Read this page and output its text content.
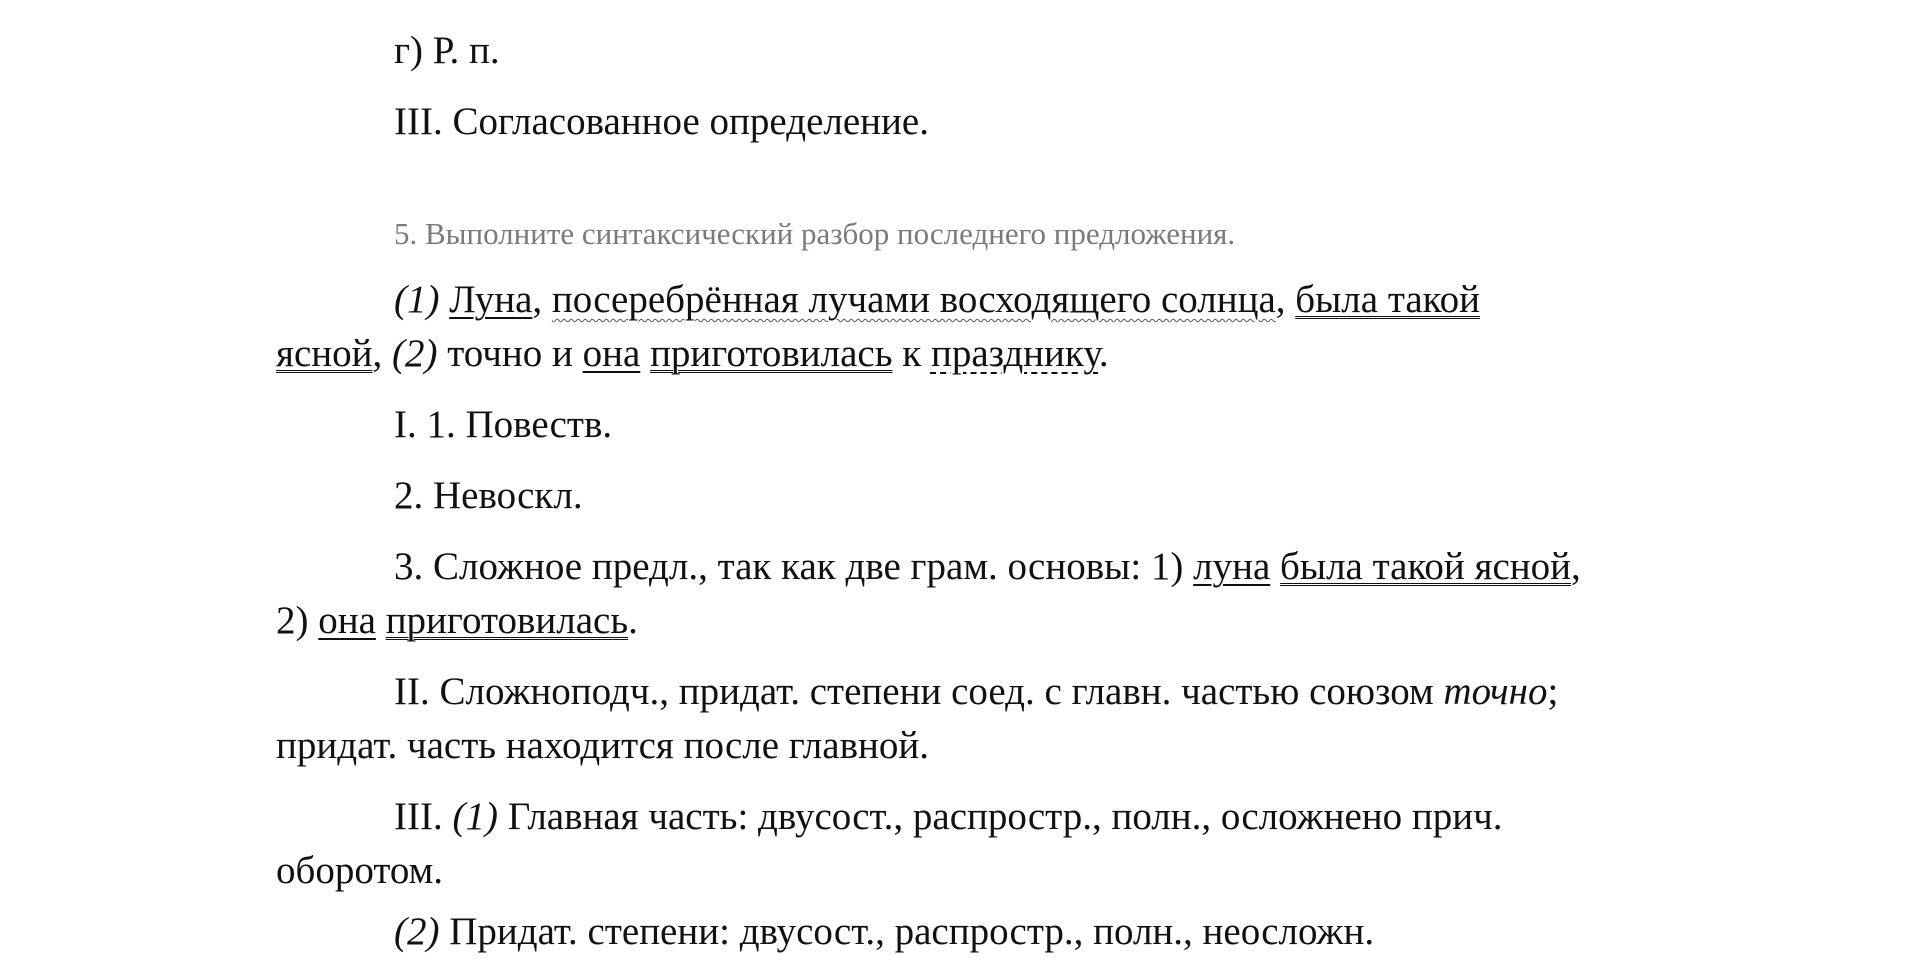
г) Р. п.
III. Согласованное определение.
5. Выполните синтаксический разбор последнего предложения.
(1) Луна, посеребрённая лучами восходящего солнца, была такой
ясной, (2) точно и она приготовилась к празднику.
I. 1. Повеств.
2. Невоскл.
3. Сложное предл., так как две грам. основы: 1) луна была такой ясной,
2) она приготовилась.
II. Сложноподч., придат. степени соед. с главн. частью союзом точно;
придат. часть находится после главной.
III. (1) Главная часть: двусост., распростр., полн., осложнено прич.
оборотом.
(2) Придат. степени: двусост., распростр., полн., неосложн.
